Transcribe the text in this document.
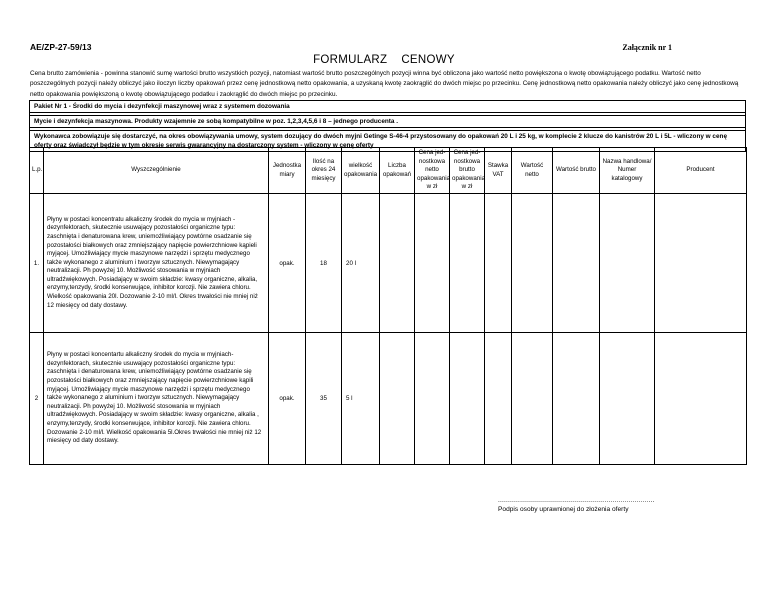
AE/ZP-27-59/13	Załącznik nr 1
FORMULARZ    CENOWY
Cena brutto zamówienia - powinna stanowić sumę wartości brutto wszystkich pozycji, natomiast wartość brutto poszczególnych pozycji winna być obliczona jako wartość netto powiększona o kwotę obowiązującego podatku. Wartość netto poszczególnych pozycji należy obliczyć jako iloczyn liczby opakowań przez cenę jednostkową netto opakowania, a uzyskaną kwotę zaokrąglić do dwóch miejsc po przecinku. Cenę jednostkową netto opakowania należy obliczyć jako cenę jednostkową netto opakowania powiększoną o kwotę obowiązującego podatku i zaokrąglić do dwóch miejsc po przecinku.
Pakiet Nr 1 - Środki do mycia i dezynfekcji maszynowej wraz z systemem dozowania
Mycie i dezynfekcja maszynowa. Produkty wzajemnie ze sobą kompatybilne w poz. 1,2,3,4,5,6 i 8 – jednego producenta .
Wykonawca zobowiązuje się dostarczyć, na okres obowiązywania umowy, system dozujący do dwóch myjni Getinge S-46-4 przystosowany do opakowań 20 L i 25 kg, w komplecie 2 klucze do kanistrów 20 L i 5L - wliczony w cenę oferty oraz świadczył będzie w tym okresie serwis gwarancyjny na dostarczony system - wliczony w cenę oferty
L.p.	Wyszczególnienie	Jednostka miary	Ilość na okres 24 miesięcy	wielkość opakowania	Liczba opakowań	Cena jed-nostkowa netto opakowania w zł	Cena jed-nostkowa brutto opakowania w zł	Stawka VAT	Wartość netto	Wartość brutto	Nazwa handlowa/ Numer katalogowy	Producent
1.	Płyny w postaci koncentratu alkaliczny środek do mycia w myjniach - dezynfektorach, skutecznie usuwający pozostałości organiczne typu: zaschnięta i denaturowana krew, uniemożliwiający powtórne osadzanie się pozostałości białkowych oraz zmniejszający napięcie powierzchniowe kąpieli myjącej. Umożliwiający mycie maszynowe narzędzi i sprzętu medycznego także wykonanego z aluminium i tworzyw sztucznych. Niewymagający neutralizacji. Ph powyżej 10. Możliwość stosowania w myjniach ultradźwiękowych. Posiadający w swoim składzie: kwasy organiczne, alkalia, enzymy,tenzydy, środki konserwujące, inhibitor korozji. Nie zawiera chloru. Wielkość opakowania 20l. Dozowanie 2-10 ml/l. Okres trwałości nie mniej niż 12 miesięcy od daty dostawy.	opak.	18	20 l								
2	Płyny w postaci koncentartu alkaliczny środek do mycia w myjniach- dezynfektorach, skutecznie usuwający pozostałości organiczne typu: zaschnięta i denaturowana krew, uniemożliwiający powtórne osadzanie się pozostałości białkowych oraz zmniejszający napięcie powierzchniowe kąpili myjącej. Umożliwiający mycie maszynowe narzędzi i sprzętu medycznego także wykonanego z aluminium i tworzyw sztucznych. Niewymagający neutralizacji. Ph powyżej 10. Możliwość stosowania w myjniach ultradźwiękowych. Posiadający w swoim składzie: kwasy organiczne, alkalia , enzymy,tenzydy, środki konserwujące, inhibitor korozji. Nie zawiera chloru. Dozowanie 2-10 ml/l. Wielkość opakowania 5l.Okres trwałości nie mniej niż 12 miesięcy od daty dostawy.	opak.	35	5 l								
..............................................................................
Podpis osoby uprawnionej do złożenia oferty
